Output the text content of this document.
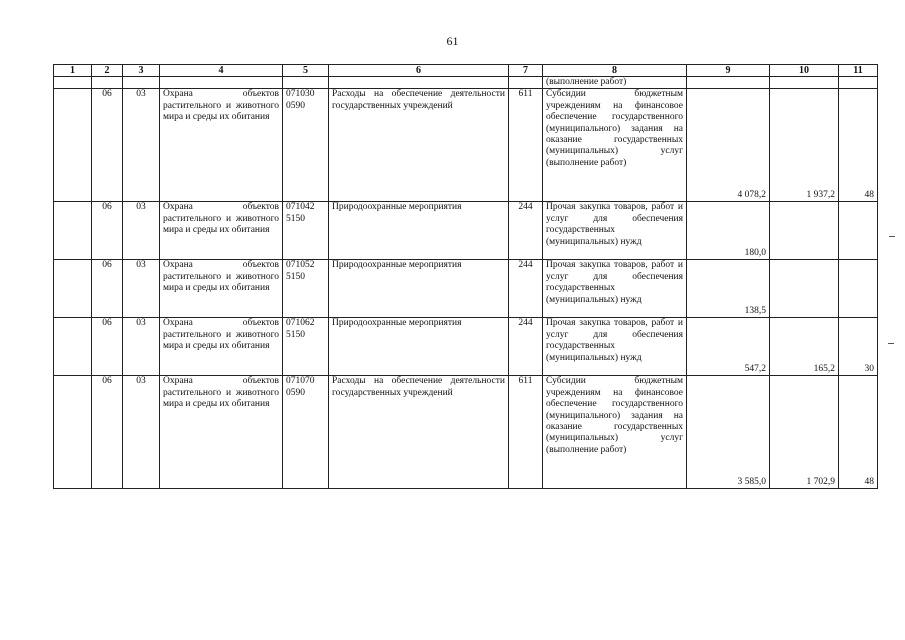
61
1	2	3	4	5	6	7	8	9	10	11
							(выполнение работ)			
	06	03	Охрана объектов растительного и животного мира и среды их обитания	071030 0590	Расходы на обеспечение деятельности государственных учреждений	611	Субсидии бюджетным учреждениям на финансовое обеспечение государственного (муниципального) задания на оказание государственных (муниципальных) услуг (выполнение работ)	4 078,2	1 937,2	48
	06	03	Охрана объектов растительного и животного мира и среды их обитания	071042 5150	Природоохранные мероприятия	244	Прочая закупка товаров, работ и услуг для обеспечения государственных (муниципальных) нужд	180,0		
	06	03	Охрана объектов растительного и животного мира и среды их обитания	071052 5150	Природоохранные мероприятия	244	Прочая закупка товаров, работ и услуг для обеспечения государственных (муниципальных) нужд	138,5		
	06	03	Охрана объектов растительного и животного мира и среды их обитания	071062 5150	Природоохранные мероприятия	244	Прочая закупка товаров, работ и услуг для обеспечения государственных (муниципальных) нужд	547,2	165,2	30
	06	03	Охрана объектов растительного и животного мира и среды их обитания	071070 0590	Расходы на обеспечение деятельности государственных учреждений	611	Субсидии бюджетным учреждениям на финансовое обеспечение государственного (муниципального) задания на оказание государственных (муниципальных) услуг (выполнение работ)	3 585,0	1 702,9	48
